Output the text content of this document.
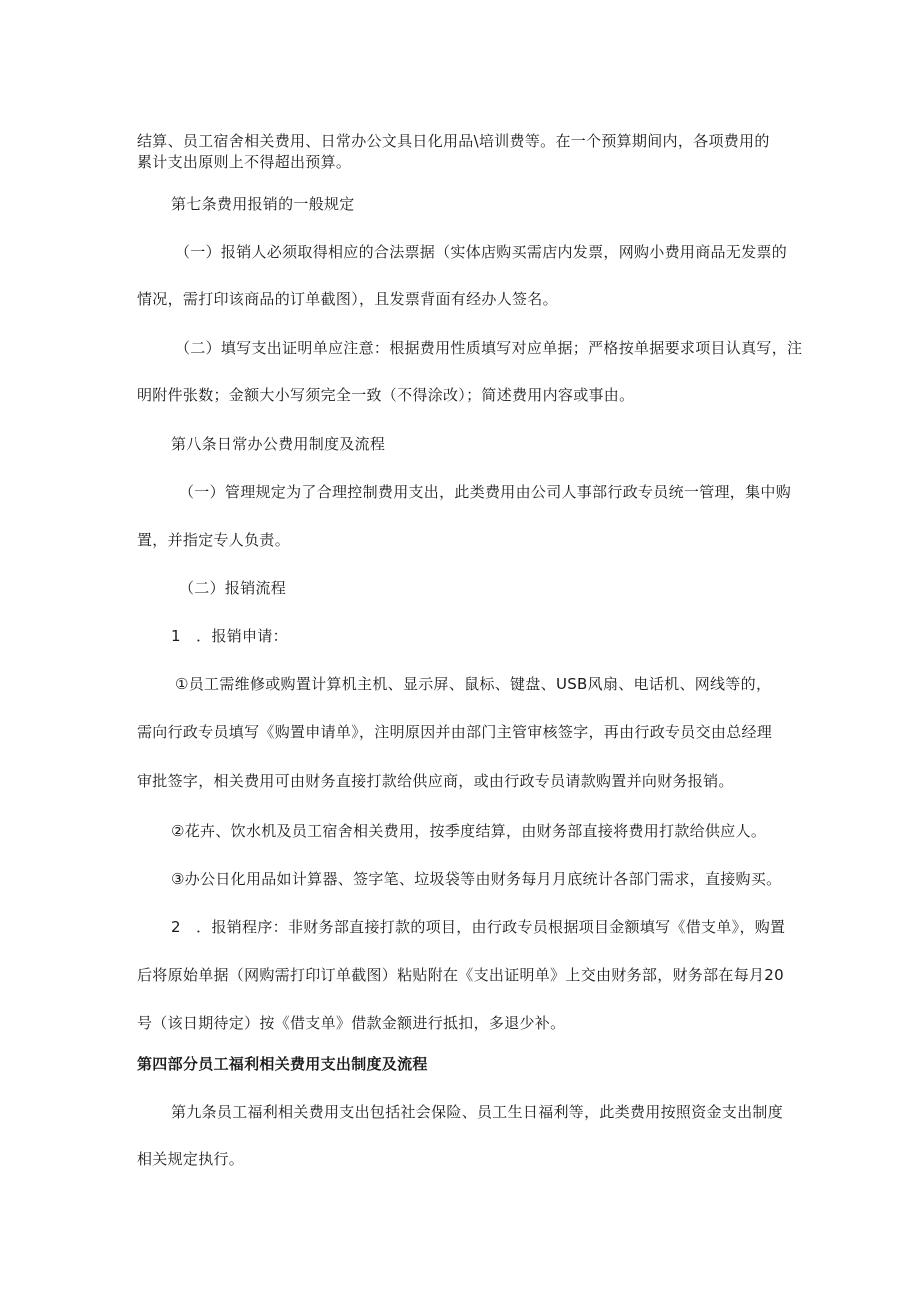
结算、员工宿舍相关费用、日常办公文具日化用品\培训费等。在一个预算期间内，各项费用的
累计支出原则上不得超出预算。
第七条费用报销的一般规定
（一）报销人必须取得相应的合法票据（实体店购买需店内发票，网购小费用商品无发票的
情况，需打印该商品的订单截图），且发票背面有经办人签名。
（二）填写支出证明单应注意：根据费用性质填写对应单据；严格按单据要求项目认真写，注
明附件张数；金额大小写须完全一致（不得涂改）；简述费用内容或事由。
第八条日常办公费用制度及流程
（一）管理规定为了合理控制费用支出，此类费用由公司人事部行政专员统一管理，集中购
置，并指定专人负责。
（二）报销流程
1　．报销申请：
①员工需维修或购置计算机主机、显示屏、鼠标、键盘、USB风扇、电话机、网线等的，
需向行政专员填写《购置申请单》，注明原因并由部门主管审核签字，再由行政专员交由总经理
审批签字，相关费用可由财务直接打款给供应商，或由行政专员请款购置并向财务报销。
②花卉、饮水机及员工宿舍相关费用，按季度结算，由财务部直接将费用打款给供应人。
③办公日化用品如计算器、签字笔、垃圾袋等由财务每月月底统计各部门需求，直接购买。
2　．报销程序：非财务部直接打款的项目，由行政专员根据项目金额填写《借支单》，购置
后将原始单据（网购需打印订单截图）粘贴附在《支出证明单》上交由财务部，财务部在每月20
号（该日期待定）按《借支单》借款金额进行抵扣，多退少补。
第四部分员工福利相关费用支出制度及流程
第九条员工福利相关费用支出包括社会保险、员工生日福利等，此类费用按照资金支出制度
相关规定执行。
